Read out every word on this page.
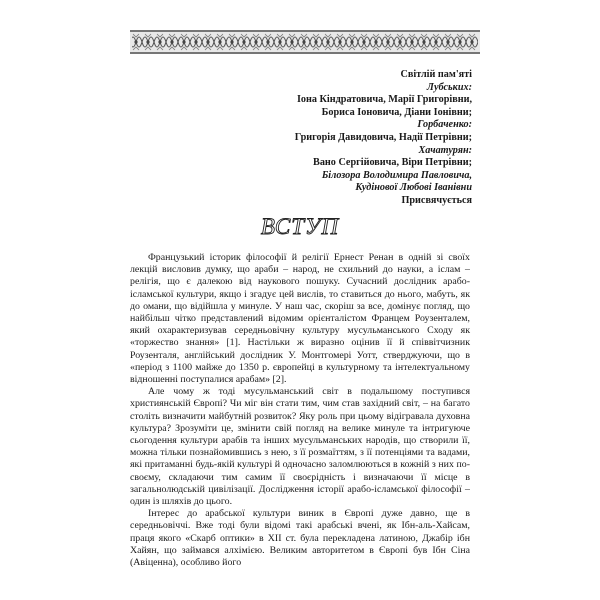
Світлій пам'яті
Лубських:
Іона Кіндратовича, Марії Григорівни,
Бориса Іоновича, Діани Іонівни;
Горбаченко:
Григорія Давидовича, Надії Петрівни;
Хачатурян:
Вано Сергійовича, Віри Петрівни;
Білозора Володимира Павловича,
Кудінової Любові Іванівни
Присвячується
ВСТУП

Французький історик філософії й релігії Ернест Ренан в одній зі своїх лекцій висловив думку, що араби – народ, не схильний до науки, а іслам – релігія, що є далекою від наукового пошуку. Сучасний дослідник арабо-ісламської культури, якщо і згадує цей вислів, то ставиться до нього, мабуть, як до омани, що відійшла у минуле. У наш час, скоріш за все, домінує погляд, що найбільш чітко представлений відомим орієнталістом Францем Роузенталем, який охарактеризував середньовічну культуру мусульманського Сходу як «торжество знання» [1]. Настільки ж виразно оцінив її й співвітчизник Роузенталя, англійський дослідник У. Монтгомері Уотт, стверджуючи, що в «період з 1100 майже до 1350 р. європейці в культурному та інтелектуальному відношенні поступалися арабам» [2].

Але чому ж тоді мусульманський світ в подальшому поступився християнській Європі? Чи міг він стати тим, чим став західний світ, – на багато століть визначити майбутній розвиток? Яку роль при цьому відігравала духовна культура? Зрозуміти це, змінити свій погляд на велике минуле та інтригуюче сьогодення культури арабів та інших мусульманських народів, що створили її, можна тільки познайомившись з нею, з її розмаїттям, з її потенціями та вадами, які притаманні будь-якій культурі й одночасно заломлюються в кожній з них по-своєму, складаючи тим самим її своєрідність і визначаючи її місце в загальнолюдській цивілізації. Дослідження історії арабо-ісламської філософії – один із шляхів до цього.

Інтерес до арабської культури виник в Європі дуже давно, ще в середньовіччі. Вже тоді були відомі такі арабські вчені, як Ібн-аль-Хайсам, праця якого «Скарб оптики» в XII ст. була перекладена латиною, Джабір ібн Хайян, що займався алхімією. Великим авторитетом в Європі був Ібн Сіна (Авіценна), особливо його
